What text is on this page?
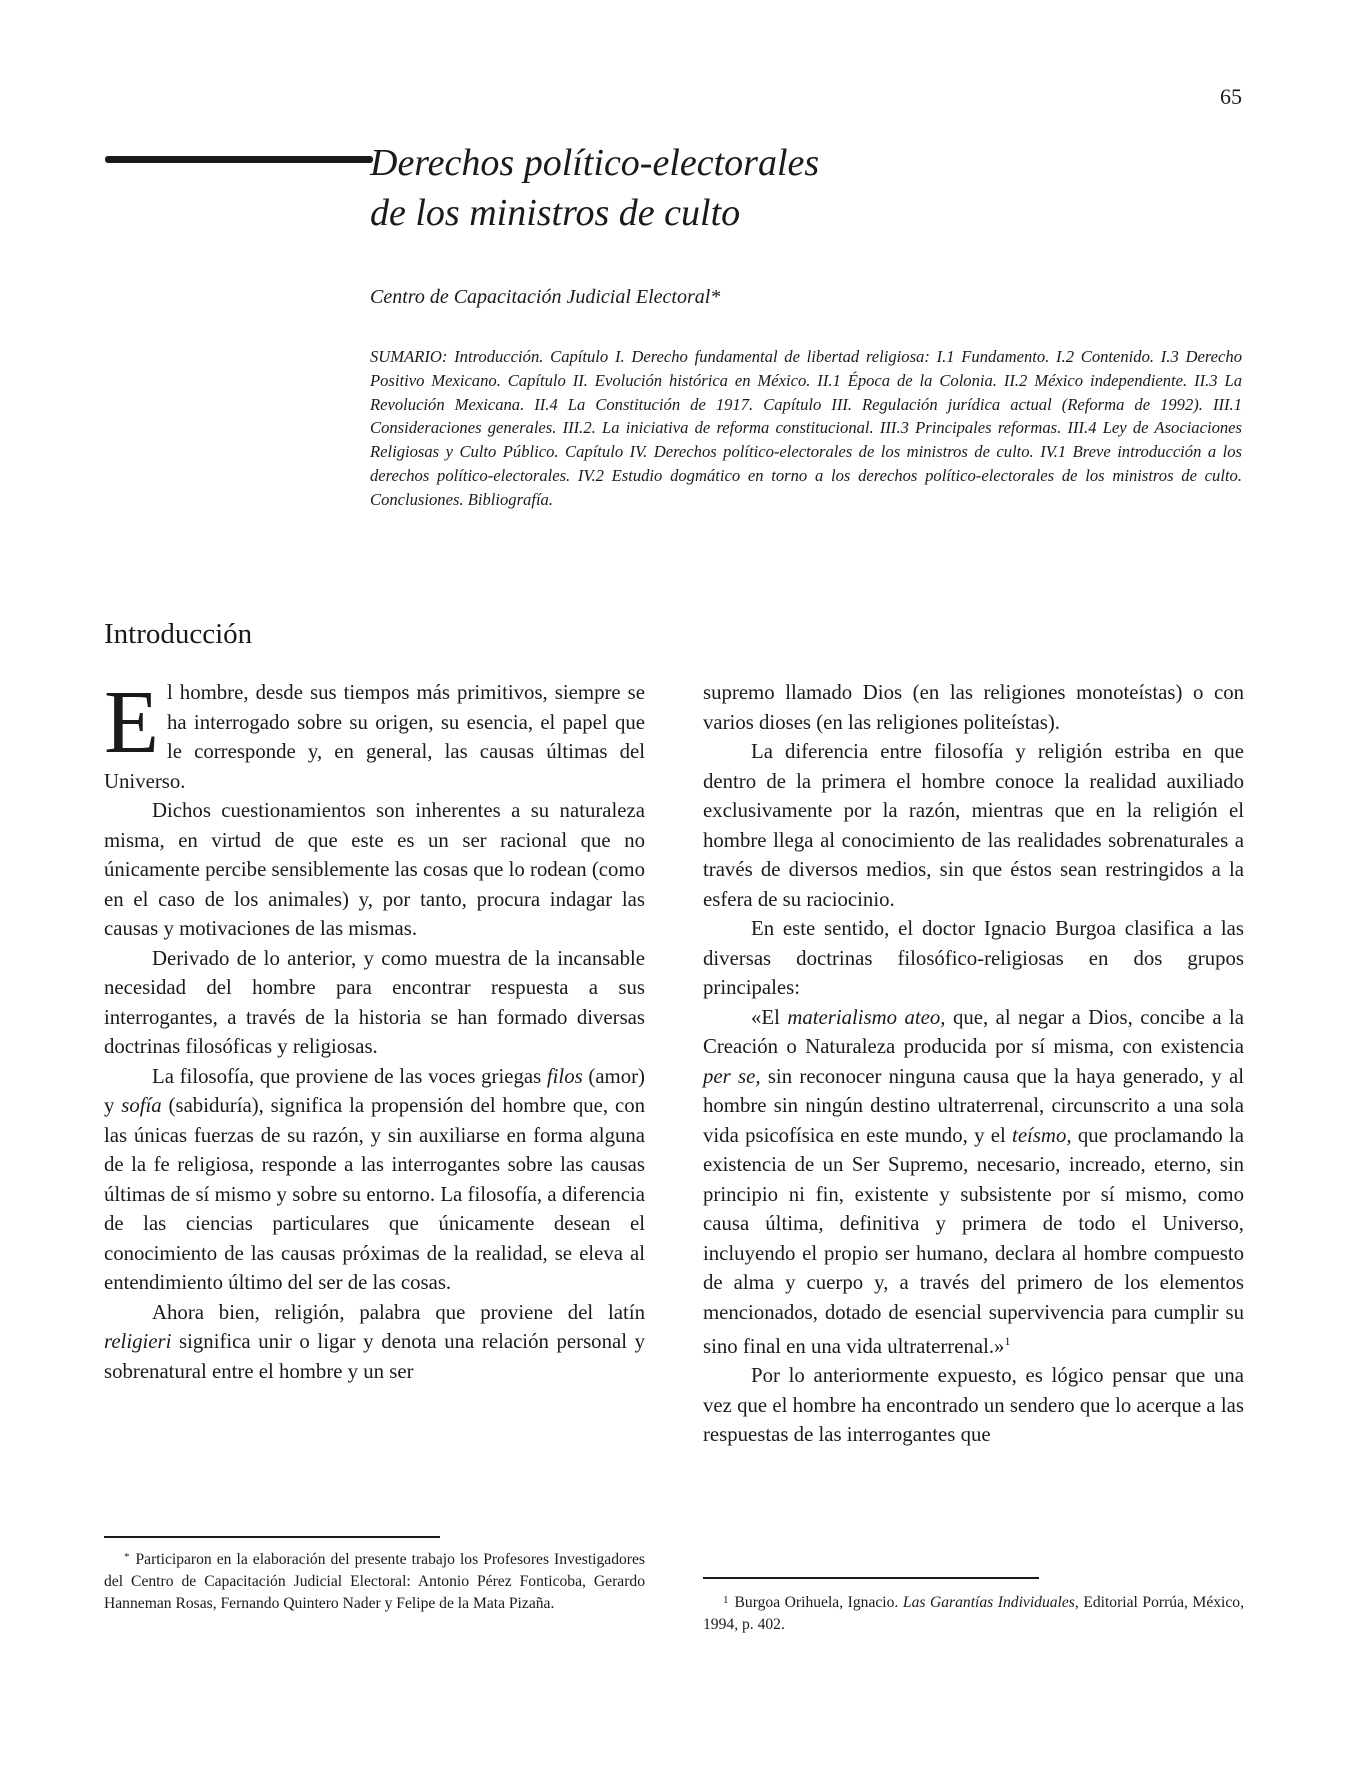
65
Derechos político-electorales
de los ministros de culto
Centro de Capacitación Judicial Electoral*
SUMARIO: Introducción. Capítulo I. Derecho fundamental de libertad religiosa: I.1 Fundamento. I.2 Contenido. I.3 Derecho Positivo Mexicano. Capítulo II. Evolución histórica en México. II.1 Época de la Colonia. II.2 México independiente. II.3 La Revolución Mexicana. II.4 La Constitución de 1917. Capítulo III. Regulación jurídica actual (Reforma de 1992). III.1 Consideraciones generales. III.2. La iniciativa de reforma constitucional. III.3 Principales reformas. III.4 Ley de Asociaciones Religiosas y Culto Público. Capítulo IV. Derechos político-electorales de los ministros de culto. IV.1 Breve introducción a los derechos político-electorales. IV.2 Estudio dogmático en torno a los derechos político-electorales de los ministros de culto. Conclusiones. Bibliografía.
Introducción

El hombre, desde sus tiempos más primitivos, siempre se ha interrogado sobre su origen, su esencia, el papel que le corresponde y, en general, las causas últimas del Universo.

Dichos cuestionamientos son inherentes a su naturaleza misma, en virtud de que este es un ser racional que no únicamente percibe sensiblemente las cosas que lo rodean (como en el caso de los animales) y, por tanto, procura indagar las causas y motivaciones de las mismas.

Derivado de lo anterior, y como muestra de la incansable necesidad del hombre para encontrar respuesta a sus interrogantes, a través de la historia se han formado diversas doctrinas filosóficas y religiosas.

La filosofía, que proviene de las voces griegas filos (amor) y sofía (sabiduría), significa la propensión del hombre que, con las únicas fuerzas de su razón, y sin auxiliarse en forma alguna de la fe religiosa, responde a las interrogantes sobre las causas últimas de sí mismo y sobre su entorno. La filosofía, a diferencia de las ciencias particulares que únicamente desean el conocimiento de las causas próximas de la realidad, se eleva al entendimiento último del ser de las cosas.

Ahora bien, religión, palabra que proviene del latín religieri significa unir o ligar y denota una relación personal y sobrenatural entre el hombre y un ser

supremo llamado Dios (en las religiones monoteístas) o con varios dioses (en las religiones politeístas).

La diferencia entre filosofía y religión estriba en que dentro de la primera el hombre conoce la realidad auxiliado exclusivamente por la razón, mientras que en la religión el hombre llega al conocimiento de las realidades sobrenaturales a través de diversos medios, sin que éstos sean restringidos a la esfera de su raciocinio.

En este sentido, el doctor Ignacio Burgoa clasifica a las diversas doctrinas filosófico-religiosas en dos grupos principales:

«El materialismo ateo, que, al negar a Dios, concibe a la Creación o Naturaleza producida por sí misma, con existencia per se, sin reconocer ninguna causa que la haya generado, y al hombre sin ningún destino ultraterrenal, circunscrito a una sola vida psicofísica en este mundo, y el teísmo, que proclamando la existencia de un Ser Supremo, necesario, increado, eterno, sin principio ni fin, existente y subsistente por sí mismo, como causa última, definitiva y primera de todo el Universo, incluyendo el propio ser humano, declara al hombre compuesto de alma y cuerpo y, a través del primero de los elementos mencionados, dotado de esencial supervivencia para cumplir su sino final en una vida ultraterrenal.»$^1$

Por lo anteriormente expuesto, es lógico pensar que una vez que el hombre ha encontrado un sendero que lo acerque a las respuestas de las interrogantes que

* Participaron en la elaboración del presente trabajo los Profesores Investigadores del Centro de Capacitación Judicial Electoral: Antonio Pérez Fonticoba, Gerardo Hanneman Rosas, Fernando Quintero Nader y Felipe de la Mata Pizaña.	$^1$ Burgoa Orihuela, Ignacio. Las Garantías Individuales, Editorial Porrúa, México, 1994, p. 402.
